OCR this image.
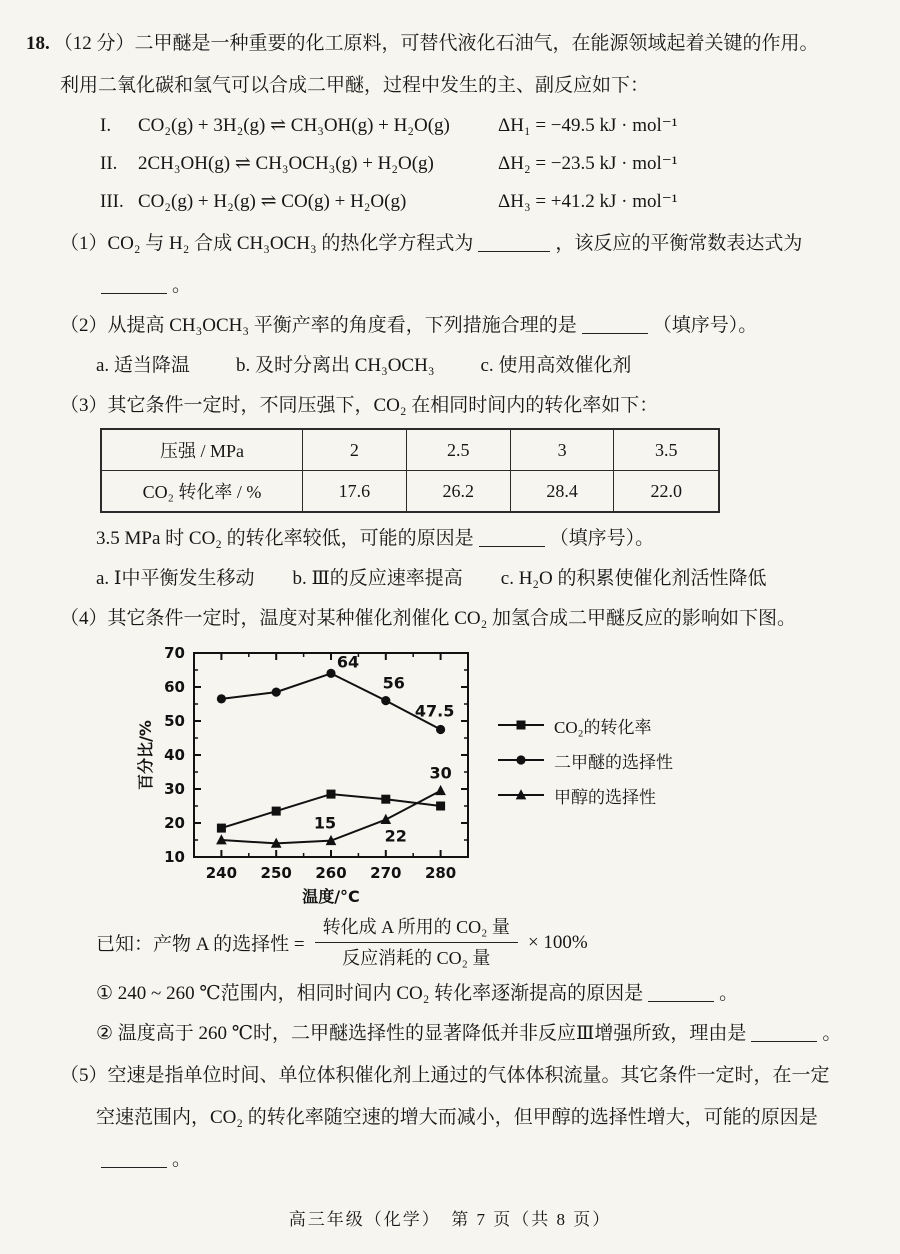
18. （12 分）二甲醚是一种重要的化工原料，可替代液化石油气，在能源领域起着关键的作用。
利用二氧化碳和氢气可以合成二甲醚，过程中发生的主、副反应如下：
I.	CO₂(g) + 3H₂(g) ⇌ CH₃OH(g) + H₂O(g)	ΔH₁ = −49.5 kJ · mol⁻¹
II.	2CH₃OH(g) ⇌ CH₃OCH₃(g) + H₂O(g)	ΔH₂ = −23.5 kJ · mol⁻¹
III. CO₂(g) + H₂(g) ⇌ CO(g) + H₂O(g)	ΔH₃ = +41.2 kJ · mol⁻¹
（1）CO₂ 与 H₂ 合成 CH₃OCH₃ 的热化学方程式为	，该反应的平衡常数表达式为
。
（2）从提高 CH₃OCH₃ 平衡产率的角度看，下列措施合理的是	（填序号）。
a. 适当降温 b. 及时分离出 CH₃OCH₃ c. 使用高效催化剂
（3）其它条件一定时，不同压强下，CO₂ 在相同时间内的转化率如下：
压强 / MPa	2	2.5	3	3.5
CO₂ 转化率 / %	17.6	26.2	28.4	22.0
3.5 MPa 时 CO₂ 的转化率较低，可能的原因是	（填序号）。
a. Ⅰ中平衡发生移动 b. Ⅲ的反应速率提高 c. H₂O 的积累使催化剂活性降低
（4）其它条件一定时，温度对某种催化剂催化 CO₂ 加氢合成二甲醚反应的影响如下图。
240 250 260 270 280
10
20
30
40
50
60
70
温度/°C
百分比/%
64
56
47.5
15
22
30
CO₂的转化率
二甲醚的选择性
甲醇的选择性
已知：产物 A 的选择性 = $\frac{\text{转化成 A 所用的 CO₂ 量}}{\text{反应消耗的 CO₂ 量}} \times 100\%$
① 240 ~ 260 ℃范围内，相同时间内 CO₂ 转化率逐渐提高的原因是	。
② 温度高于 260 ℃时，二甲醚选择性的显著降低并非反应Ⅲ增强所致，理由是	。
（5）空速是指单位时间、单位体积催化剂上通过的气体体积流量。其它条件一定时，在一定
空速范围内，CO₂ 的转化率随空速的增大而减小，但甲醇的选择性增大，可能的原因是
。
高三年级（化学）　第 7 页（共 8 页）
